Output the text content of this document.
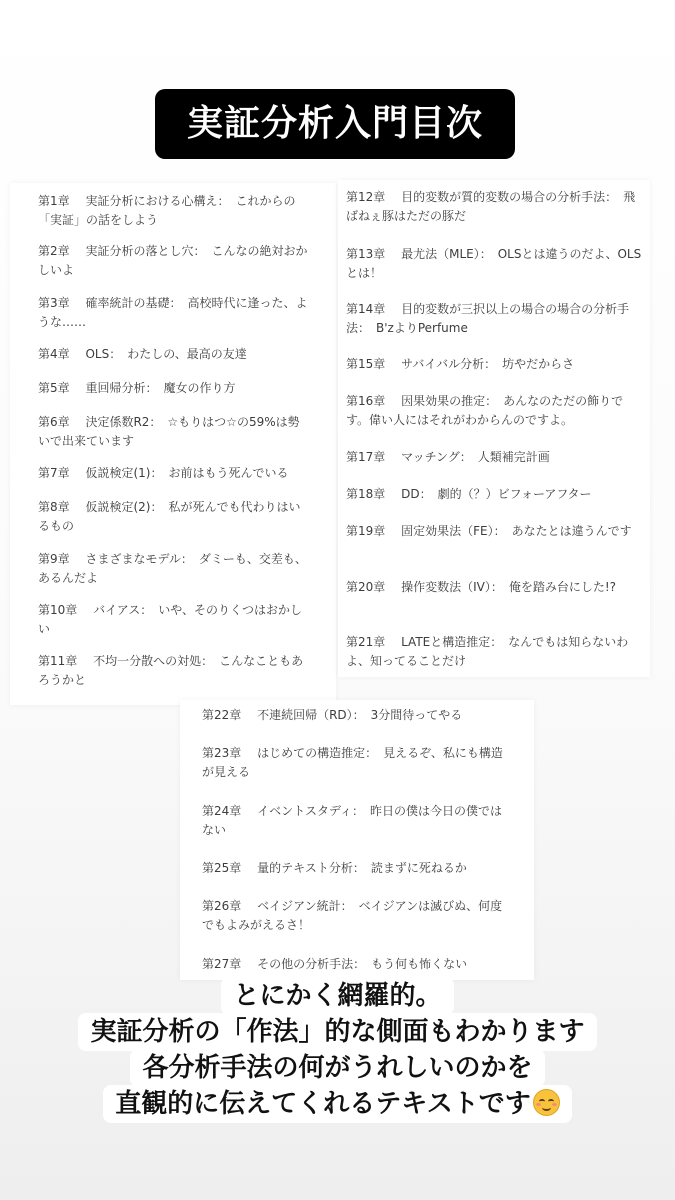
実証分析入門目次
第1章　 実証分析における心構え：　これからの「実証」の話をしよう
第2章　 実証分析の落とし穴：　こんなの絶対おかしいよ
第3章　 確率統計の基礎：　高校時代に逢った、ような……
第4章　 OLS：　わたしの、最高の友達
第5章　 重回帰分析：　魔女の作り方
第6章　 決定係数R2：　☆もりはつ☆の59%は勢いで出来ています
第7章　 仮説検定(1)：　お前はもう死んでいる
第8章　 仮説検定(2)：　私が死んでも代わりはいるもの
第9章　 さまざまなモデル：　ダミーも、交差も、あるんだよ
第10章　 バイアス：　いや、そのりくつはおかしい
第11章　 不均一分散への対処：　こんなこともあろうかと
第12章　 目的変数が質的変数の場合の分析手法：　飛ばねぇ豚はただの豚だ
第13章　 最尤法（MLE）：　OLSとは違うのだよ、OLSとは！
第14章　 目的変数が三択以上の場合の場合の分析手法：　B'zよりPerfume
第15章　 サバイバル分析：　坊やだからさ
第16章　 因果効果の推定：　あんなのただの飾りです。偉い人にはそれがわからんのですよ。
第17章　 マッチング：　人類補完計画
第18章　 DD：　劇的（？）ビフォーアフター
第19章　 固定効果法（FE）：　あなたとは違うんです
第20章　 操作変数法（IV）：　俺を踏み台にした!?
第21章　 LATEと構造推定：　なんでもは知らないわよ、知ってることだけ
第22章　 不連続回帰（RD）：　3分間待ってやる
第23章　 はじめての構造推定：　見えるぞ、私にも構造が見える
第24章　 イベントスタディ：　昨日の僕は今日の僕ではない
第25章　 量的テキスト分析：　読まずに死ねるか
第26章　 ベイジアン統計：　ベイジアンは滅びぬ、何度でもよみがえるさ！
第27章　 その他の分析手法：　もう何も怖くない
とにかく網羅的。
実証分析の「作法」的な側面もわかります
各分析手法の何がうれしいのかを
直観的に伝えてくれるテキストです
